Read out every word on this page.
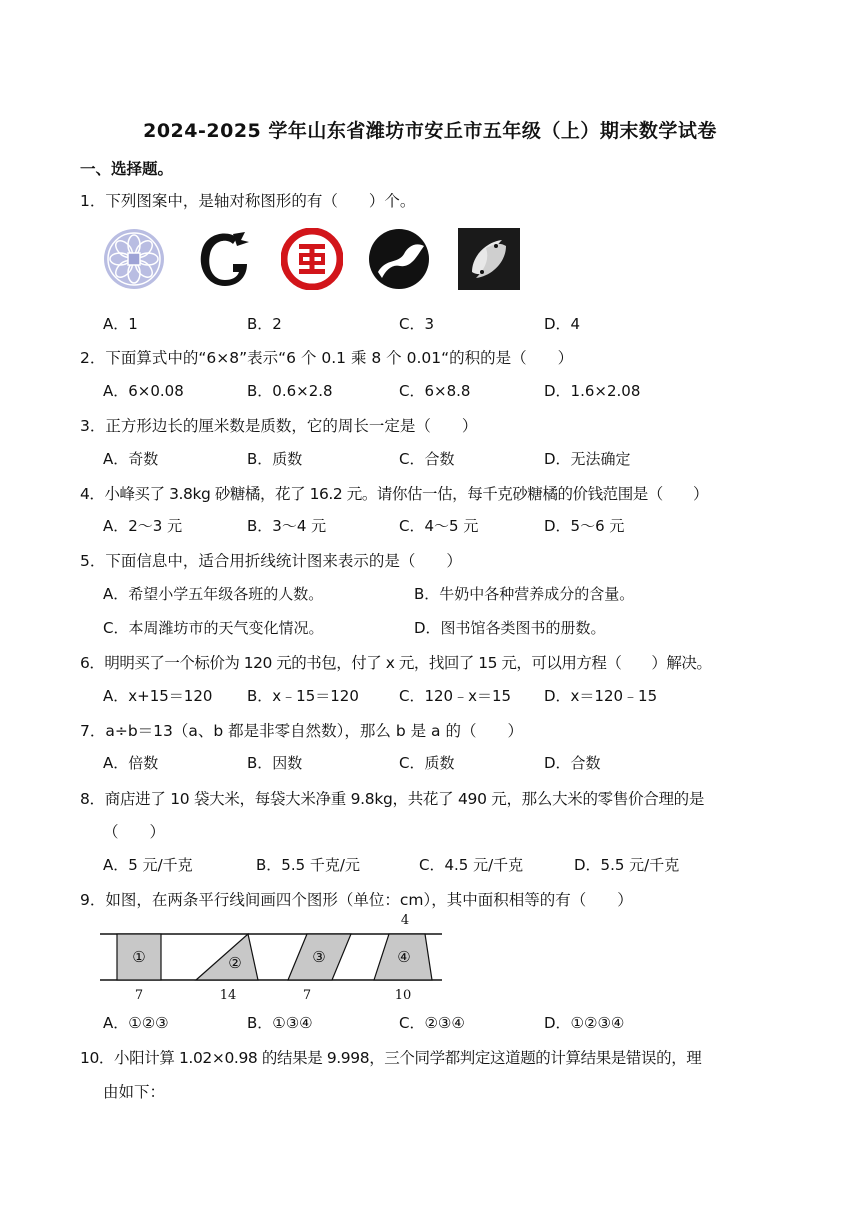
2024-2025 学年山东省潍坊市安丘市五年级（上）期末数学试卷
一、选择题。
1．下列图案中，是轴对称图形的有（　　）个。
A．1	B．2	C．3	D．4
2．下面算式中的“6×8”表示“6 个 0.1 乘 8 个 0.01“的积的是（　　）
A．6×0.08	B．0.6×2.8	C．6×8.8	D．1.6×2.08
3．正方形边长的厘米数是质数，它的周长一定是（　　）
A．奇数	B．质数	C．合数	D．无法确定
4．小峰买了 3.8kg 砂糖橘，花了 16.2 元。请你估一估，每千克砂糖橘的价钱范围是（　　）
A．2～3 元	B．3～4 元	C．4～5 元	D．5～6 元
5．下面信息中，适合用折线统计图来表示的是（　　）
A．希望小学五年级各班的人数。	B．牛奶中各种营养成分的含量。
C．本周潍坊市的天气变化情况。	D．图书馆各类图书的册数。
6．明明买了一个标价为 120 元的书包，付了 x 元，找回了 15 元，可以用方程（　　）解决。
A．x+15＝120 B．x﹣15＝120	C．120﹣x＝15 D．x＝120﹣15
7．a÷b＝13（a、b 都是非零自然数），那么 b 是 a 的（　　）
A．倍数	B．因数	C．质数	D．合数
8．商店进了 10 袋大米，每袋大米净重 9.8kg，共花了 490 元，那么大米的零售价合理的是
（　　）
A．5 元/千克	B．5.5 千克/元	C．4.5 元/千克	D．5.5 元/千克
9．如图，在两条平行线间画四个图形（单位：cm），其中面积相等的有（　　）
4
①	②	③	④
7	14	7	10
A．①②③	B．①③④	C．②③④	D．①②③④
10．小阳计算 1.02×0.98 的结果是 9.998，三个同学都判定这道题的计算结果是错误的，理
由如下：
